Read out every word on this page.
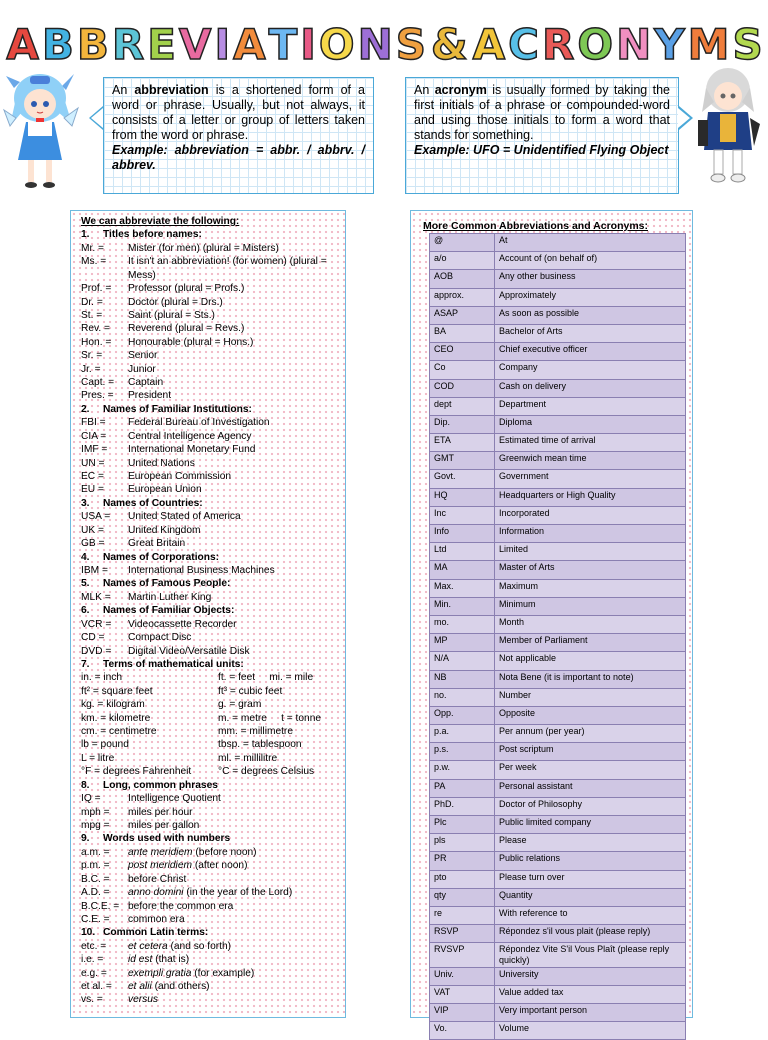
A B B R E V I A T I O N S & A C R O N Y M S

An abbreviation is a shortened form of a word or phrase. Usually, but not always, it consists of a letter or group of letters taken from the word or phrase.

Example: abbreviation = abbr. / abbrv. / abbrev.

An acronym is usually formed by taking the first initials of a phrase or compounded-word and using those initials to form a word that stands for something.

Example: UFO = Unidentified Flying Object

We can abbreviate the following:
1.	Titles before names:
Mr. =	Mister (for men) (plural = Misters)
Ms. =	It isn't an abbreviation! (for women) (plural = Mess)
Prof. =	Professor (plural = Profs.)
Dr. =	Doctor (plural = Drs.)
St. =	Saint (plural = Sts.)
Rev. =	Reverend (plural = Revs.)
Hon. =	Honourable (plural = Hons.)
Sr. =	Senior
Jr. =	Junior
Capt. =	Captain
Pres. =	President
2.	Names of Familiar Institutions:
FBI =	Federal Bureau of Investigation
CIA =	Central Intelligence Agency
IMF =	International Monetary Fund
UN =	United Nations
EC =	European Commission
EU =	European Union
3.	Names of Countries:
USA =	United Stated of America
UK =	United Kingdom
GB =	Great Britain
4.	Names of Corporations:
IBM =	International Business Machines
5.	Names of Famous People:
MLK =	Martin Luther King
6.	Names of Familiar Objects:
VCR =	Videocassette Recorder
CD =	Compact Disc
DVD =	Digital Video/Versatile Disk
7.	Terms of mathematical units:
in. = inch	ft. = feet     mi. = mile
ft² = square feet	ft³ = cubic feet
kg. = kilogram	g. = gram
km. = kilometre	m. = metre     t = tonne
cm. = centimetre	mm. = millimetre
lb = pound	tbsp. = tablespoon
L = litre	ml. = millilitre
°F = degrees Fahrenheit	°C = degrees Celsius
8.	Long, common phrases
IQ =	Intelligence Quotient
mph =	miles per hour
mpg =	miles per gallon
9.	Words used with numbers
a.m. =	ante meridiem (before noon)
p.m. =	post meridiem (after noon)
B.C. =	before Christ
A.D. =	anno domini (in the year of the Lord)
B.C.E. = before the common era
C.E. =	common era
10. Common Latin terms:
etc. =	et cetera (and so forth)
i.e. =	id est (that is)
e.g. =	exempli gratia (for example)
et al. =	et alii (and others)
vs. =	versus
More Common Abbreviations and Acronyms:
@	At
a/o	Account of (on behalf of)
AOB	Any other business
approx.	Approximately
ASAP	As soon as possible
BA	Bachelor of Arts
CEO	Chief executive officer
Co	Company
COD	Cash on delivery
dept	Department
Dip.	Diploma
ETA	Estimated time of arrival
GMT	Greenwich mean time
Govt.	Government
HQ	Headquarters or High Quality
Inc	Incorporated
Info	Information
Ltd	Limited
MA	Master of Arts
Max.	Maximum
Min.	Minimum
mo.	Month
MP	Member of Parliament
N/A	Not applicable
NB	Nota Bene (it is important to note)
no.	Number
Opp.	Opposite
p.a.	Per annum (per year)
p.s.	Post scriptum
p.w.	Per week
PA	Personal assistant
PhD.	Doctor of Philosophy
Plc	Public limited company
pls	Please
PR	Public relations
pto	Please turn over
qty	Quantity
re	With reference to
RSVP	Répondez s'il vous plait (please reply)
RVSVP	Répondez Vite S'il Vous Plaît (please reply quickly)
Univ.	University
VAT	Value added tax
VIP	Very important person
Vo.	Volume
